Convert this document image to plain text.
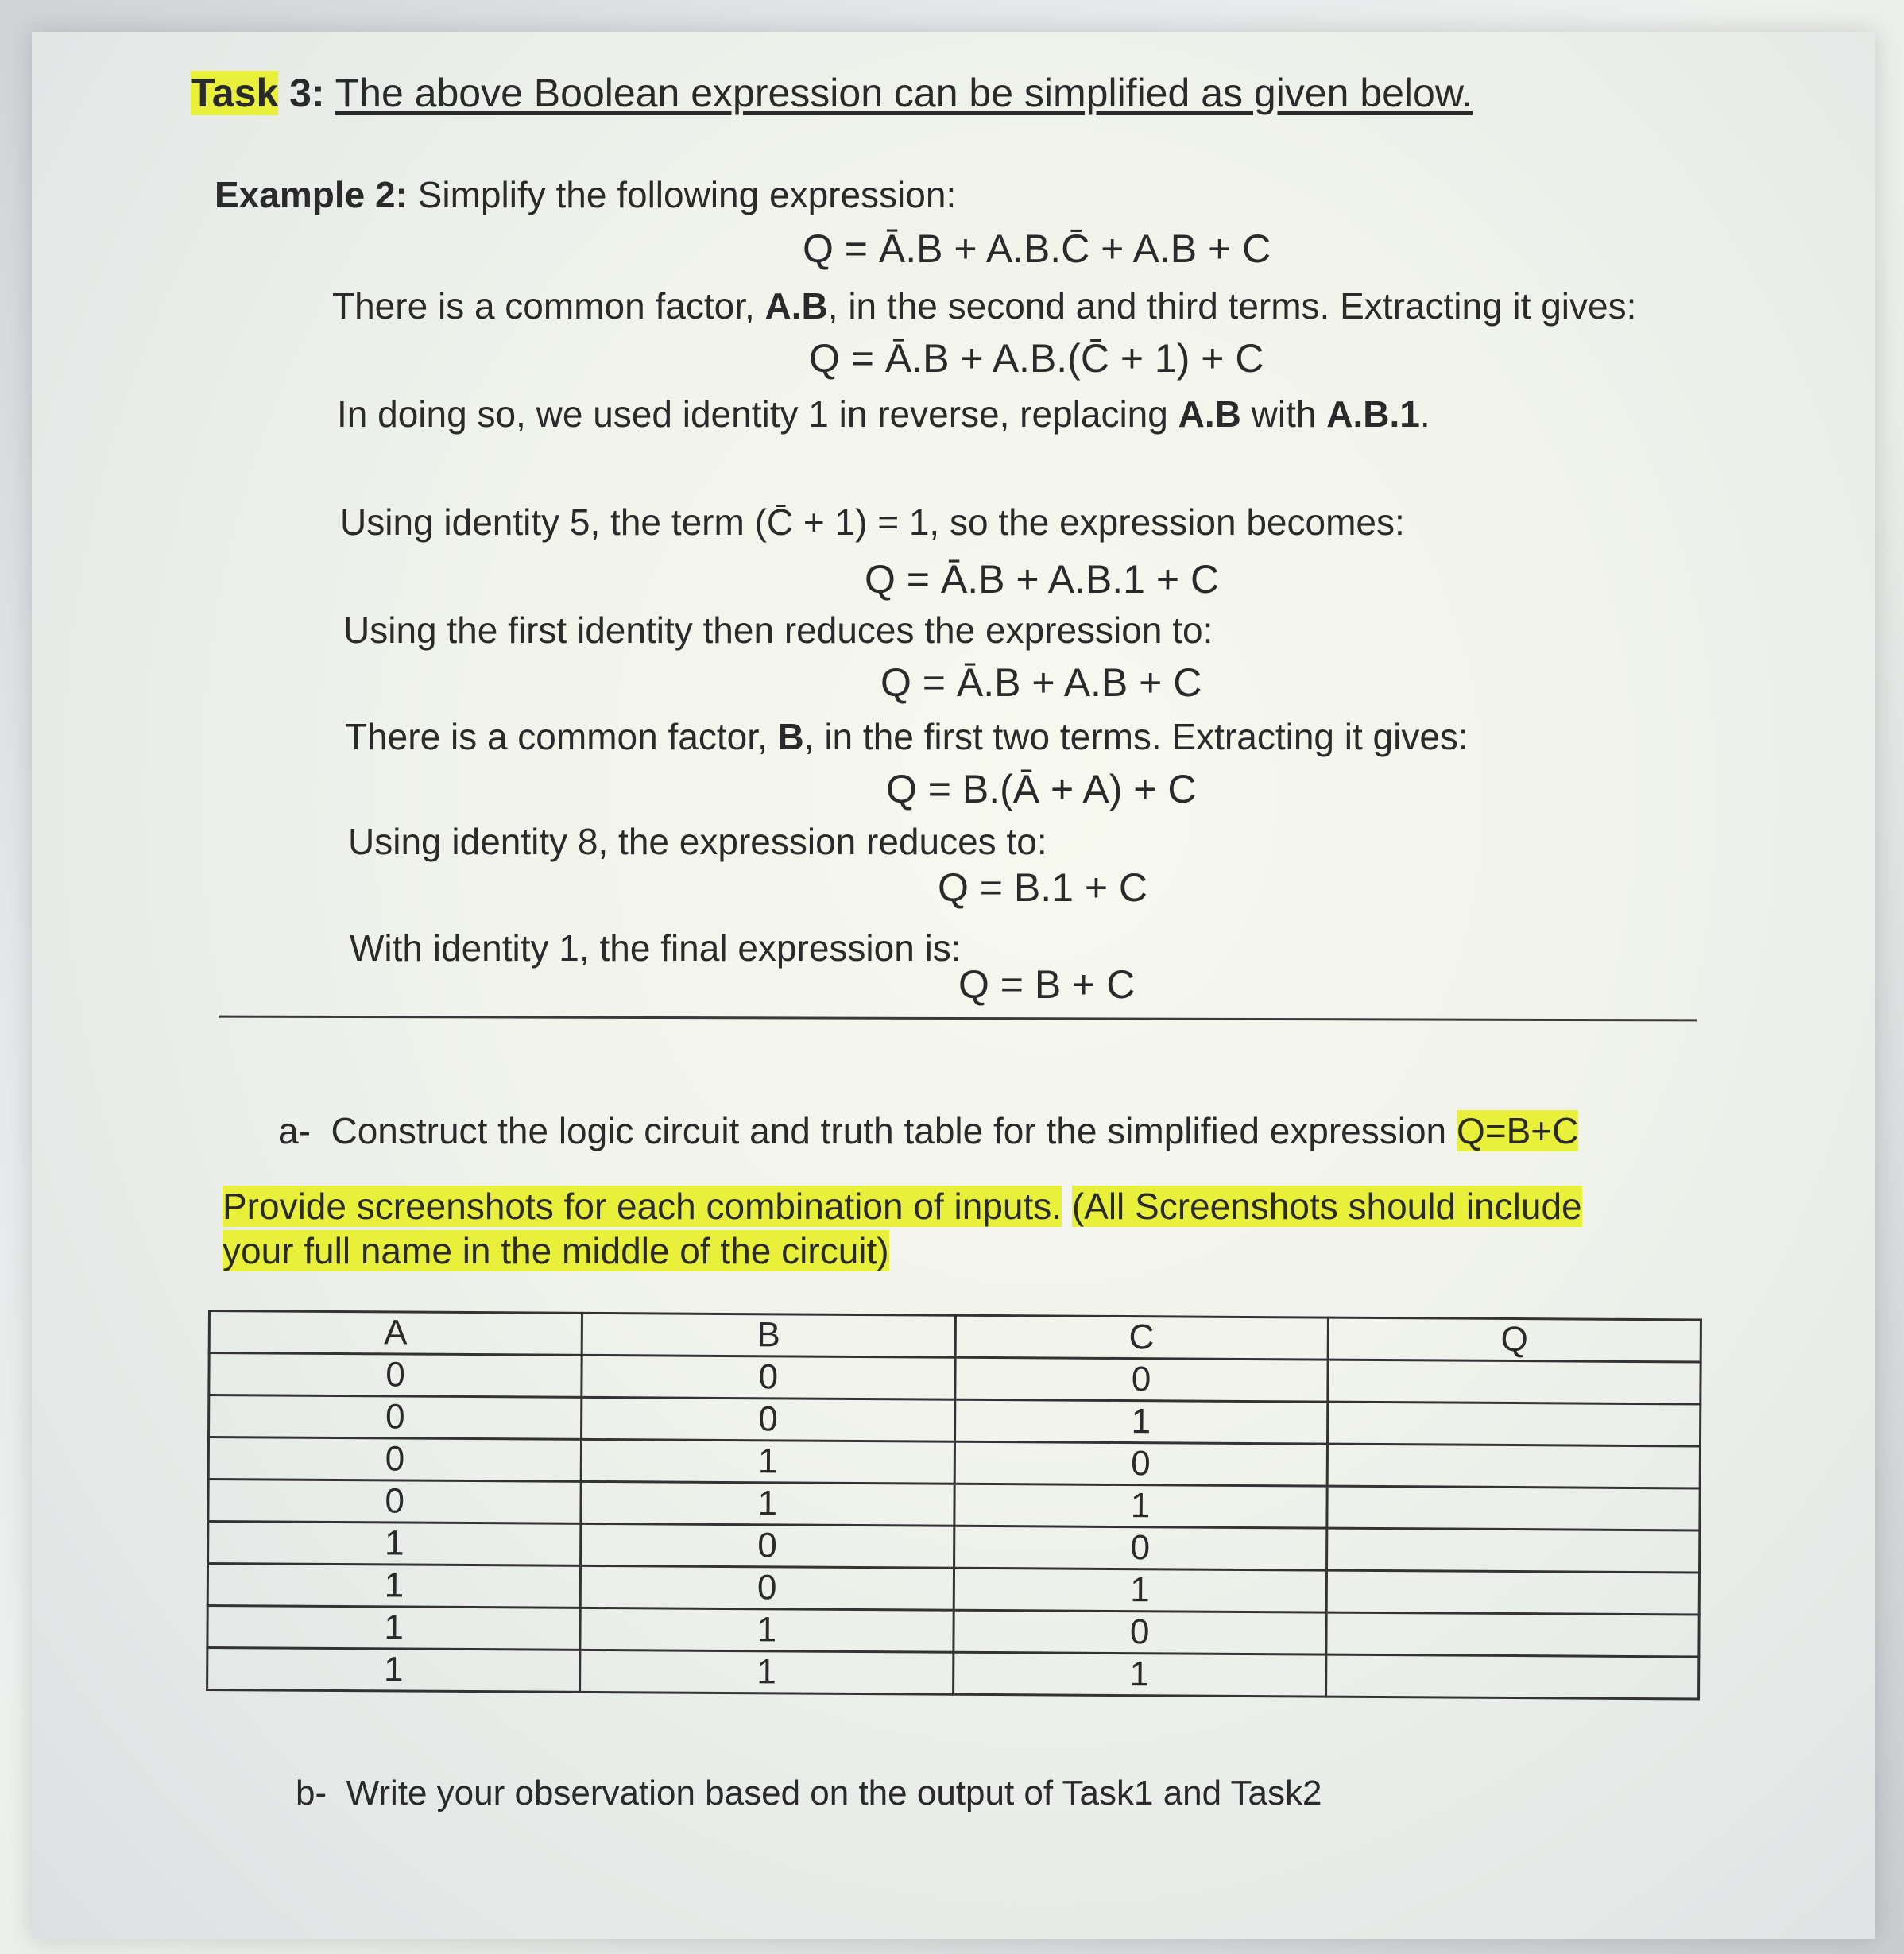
Task 3: The above Boolean expression can be simplified as given below.
Example 2: Simplify the following expression:
Q = Ā.B + A.B.C̄ + A.B + C
There is a common factor, A.B, in the second and third terms. Extracting it gives:
Q = Ā.B + A.B.(C̄ + 1) + C
In doing so, we used identity 1 in reverse, replacing A.B with A.B.1.
Using identity 5, the term (C̄ + 1) = 1, so the expression becomes:
Q = Ā.B + A.B.1 + C
Using the first identity then reduces the expression to:
Q = Ā.B + A.B + C
There is a common factor, B, in the first two terms. Extracting it gives:
Q = B.(Ā + A) + C
Using identity 8, the expression reduces to:
Q = B.1 + C
With identity 1, the final expression is:
Q = B + C
a- Construct the logic circuit and truth table for the simplified expression Q=B+C
Provide screenshots for each combination of inputs. (All Screenshots should include
your full name in the middle of the circuit)
A	B	C	Q
0	0	0	
0	0	1	
0	1	0	
0	1	1	
1	0	0	
1	0	1	
1	1	0	
1	1	1	
b- Write your observation based on the output of Task1 and Task2
